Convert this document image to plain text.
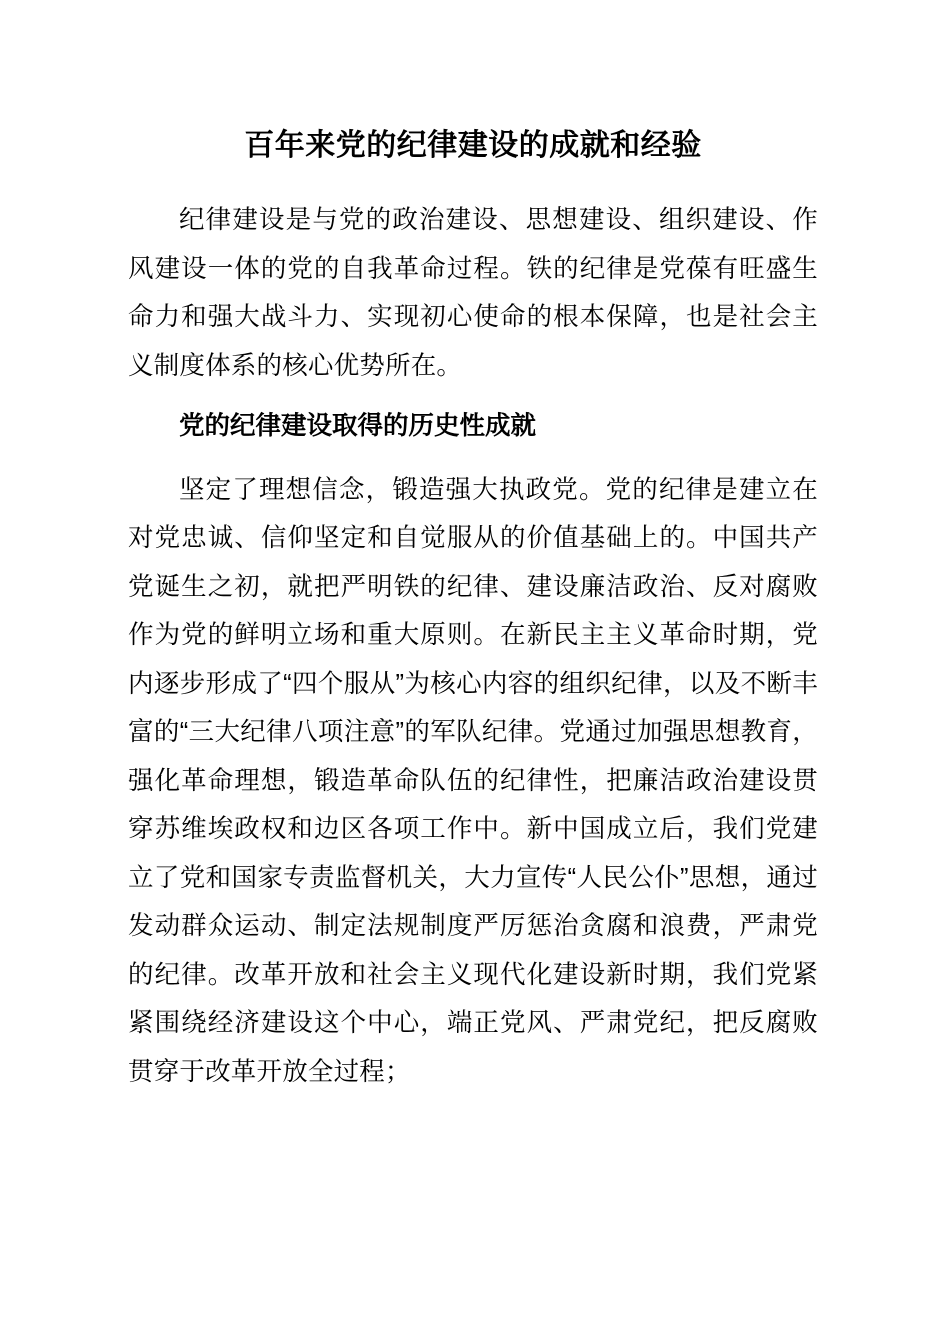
百年来党的纪律建设的成就和经验

纪律建设是与党的政治建设、思想建设、组织建设、作风建设一体的党的自我革命过程。铁的纪律是党葆有旺盛生命力和强大战斗力、实现初心使命的根本保障，也是社会主义制度体系的核心优势所在。

党的纪律建设取得的历史性成就

坚定了理想信念，锻造强大执政党。党的纪律是建立在对党忠诚、信仰坚定和自觉服从的价值基础上的。中国共产党诞生之初，就把严明铁的纪律、建设廉洁政治、反对腐败作为党的鲜明立场和重大原则。在新民主主义革命时期，党内逐步形成了“四个服从”为核心内容的组织纪律，以及不断丰富的“三大纪律八项注意”的军队纪律。党通过加强思想教育，强化革命理想，锻造革命队伍的纪律性，把廉洁政治建设贯穿苏维埃政权和边区各项工作中。新中国成立后，我们党建立了党和国家专责监督机关，大力宣传“人民公仆”思想，通过发动群众运动、制定法规制度严厉惩治贪腐和浪费，严肃党的纪律。改革开放和社会主义现代化建设新时期，我们党紧紧围绕经济建设这个中心，端正党风、严肃党纪，把反腐败贯穿于改革开放全过程；
